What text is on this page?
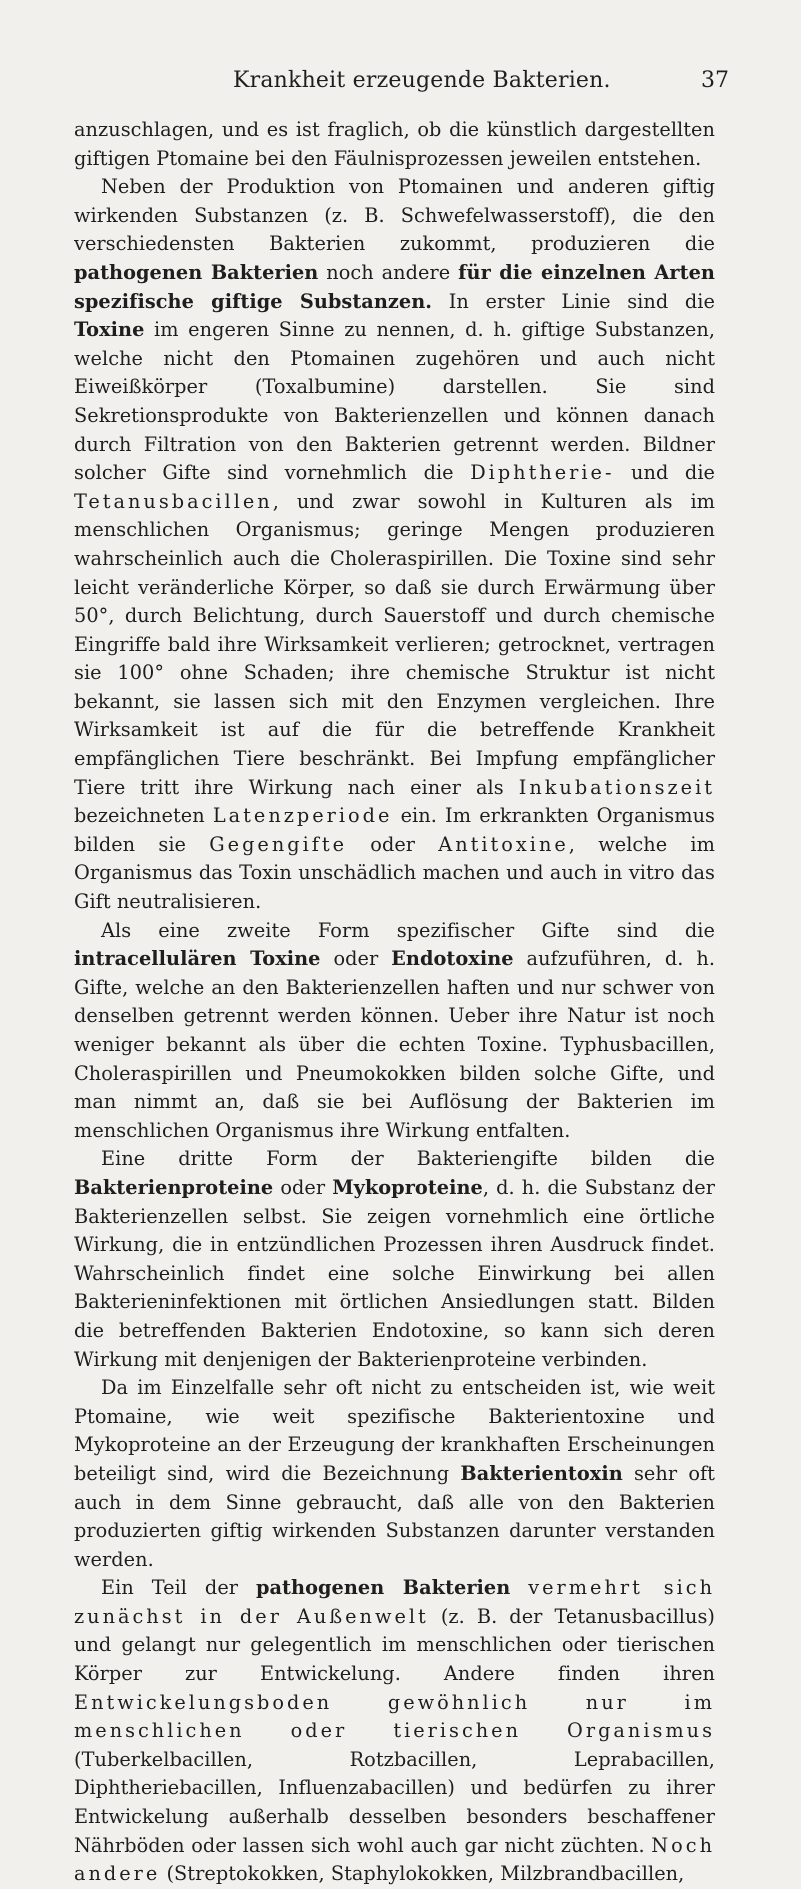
Krankheit erzeugende Bakterien.	37

anzuschlagen, und es ist fraglich, ob die künstlich dargestellten giftigen Ptomaine bei den Fäulnisprozessen jeweilen entstehen.

Neben der Produktion von Ptomainen und anderen giftig wirkenden Substanzen (z. B. Schwefelwasserstoff), die den verschiedensten Bakterien zukommt, produzieren die pathogenen Bakterien noch andere für die einzelnen Arten spezifische giftige Substanzen. In erster Linie sind die Toxine im engeren Sinne zu nennen, d. h. giftige Substanzen, welche nicht den Ptomainen zugehören und auch nicht Eiweißkörper (Toxalbumine) darstellen. Sie sind Sekretionsprodukte von Bakterienzellen und können danach durch Filtration von den Bakterien getrennt werden. Bildner solcher Gifte sind vornehmlich die Diphtherie- und die Tetanusbacillen, und zwar sowohl in Kulturen als im menschlichen Organismus; geringe Mengen produzieren wahrscheinlich auch die Choleraspirillen. Die Toxine sind sehr leicht veränderliche Körper, so daß sie durch Erwärmung über 50°, durch Belichtung, durch Sauerstoff und durch chemische Eingriffe bald ihre Wirksamkeit verlieren; getrocknet, vertragen sie 100° ohne Schaden; ihre chemische Struktur ist nicht bekannt, sie lassen sich mit den Enzymen vergleichen. Ihre Wirksamkeit ist auf die für die betreffende Krankheit empfänglichen Tiere beschränkt. Bei Impfung empfänglicher Tiere tritt ihre Wirkung nach einer als Inkubationszeit bezeichneten Latenzperiode ein. Im erkrankten Organismus bilden sie Gegengifte oder Antitoxine, welche im Organismus das Toxin unschädlich machen und auch in vitro das Gift neutralisieren.

Als eine zweite Form spezifischer Gifte sind die intracellulären Toxine oder Endotoxine aufzuführen, d. h. Gifte, welche an den Bakterienzellen haften und nur schwer von denselben getrennt werden können. Ueber ihre Natur ist noch weniger bekannt als über die echten Toxine. Typhusbacillen, Choleraspirillen und Pneumokokken bilden solche Gifte, und man nimmt an, daß sie bei Auflösung der Bakterien im menschlichen Organismus ihre Wirkung entfalten.

Eine dritte Form der Bakteriengifte bilden die Bakterienproteine oder Mykoproteine, d. h. die Substanz der Bakterienzellen selbst. Sie zeigen vornehmlich eine örtliche Wirkung, die in entzündlichen Prozessen ihren Ausdruck findet. Wahrscheinlich findet eine solche Einwirkung bei allen Bakterieninfektionen mit örtlichen Ansiedlungen statt. Bilden die betreffenden Bakterien Endotoxine, so kann sich deren Wirkung mit denjenigen der Bakterienproteine verbinden.

Da im Einzelfalle sehr oft nicht zu entscheiden ist, wie weit Ptomaine, wie weit spezifische Bakterientoxine und Mykoproteine an der Erzeugung der krankhaften Erscheinungen beteiligt sind, wird die Bezeichnung Bakterientoxin sehr oft auch in dem Sinne gebraucht, daß alle von den Bakterien produzierten giftig wirkenden Substanzen darunter verstanden werden.

Ein Teil der pathogenen Bakterien vermehrt sich zunächst in der Außenwelt (z. B. der Tetanusbacillus) und gelangt nur gelegentlich im menschlichen oder tierischen Körper zur Entwickelung. Andere finden ihren Entwickelungsboden gewöhnlich nur im menschlichen oder tierischen Organismus (Tuberkelbacillen, Rotzbacillen, Leprabacillen, Diphtheriebacillen, Influenzabacillen) und bedürfen zu ihrer Entwickelung außerhalb desselben besonders beschaffener Nährböden oder lassen sich wohl auch gar nicht züchten. Noch andere (Streptokokken, Staphylokokken, Milzbrandbacillen,
